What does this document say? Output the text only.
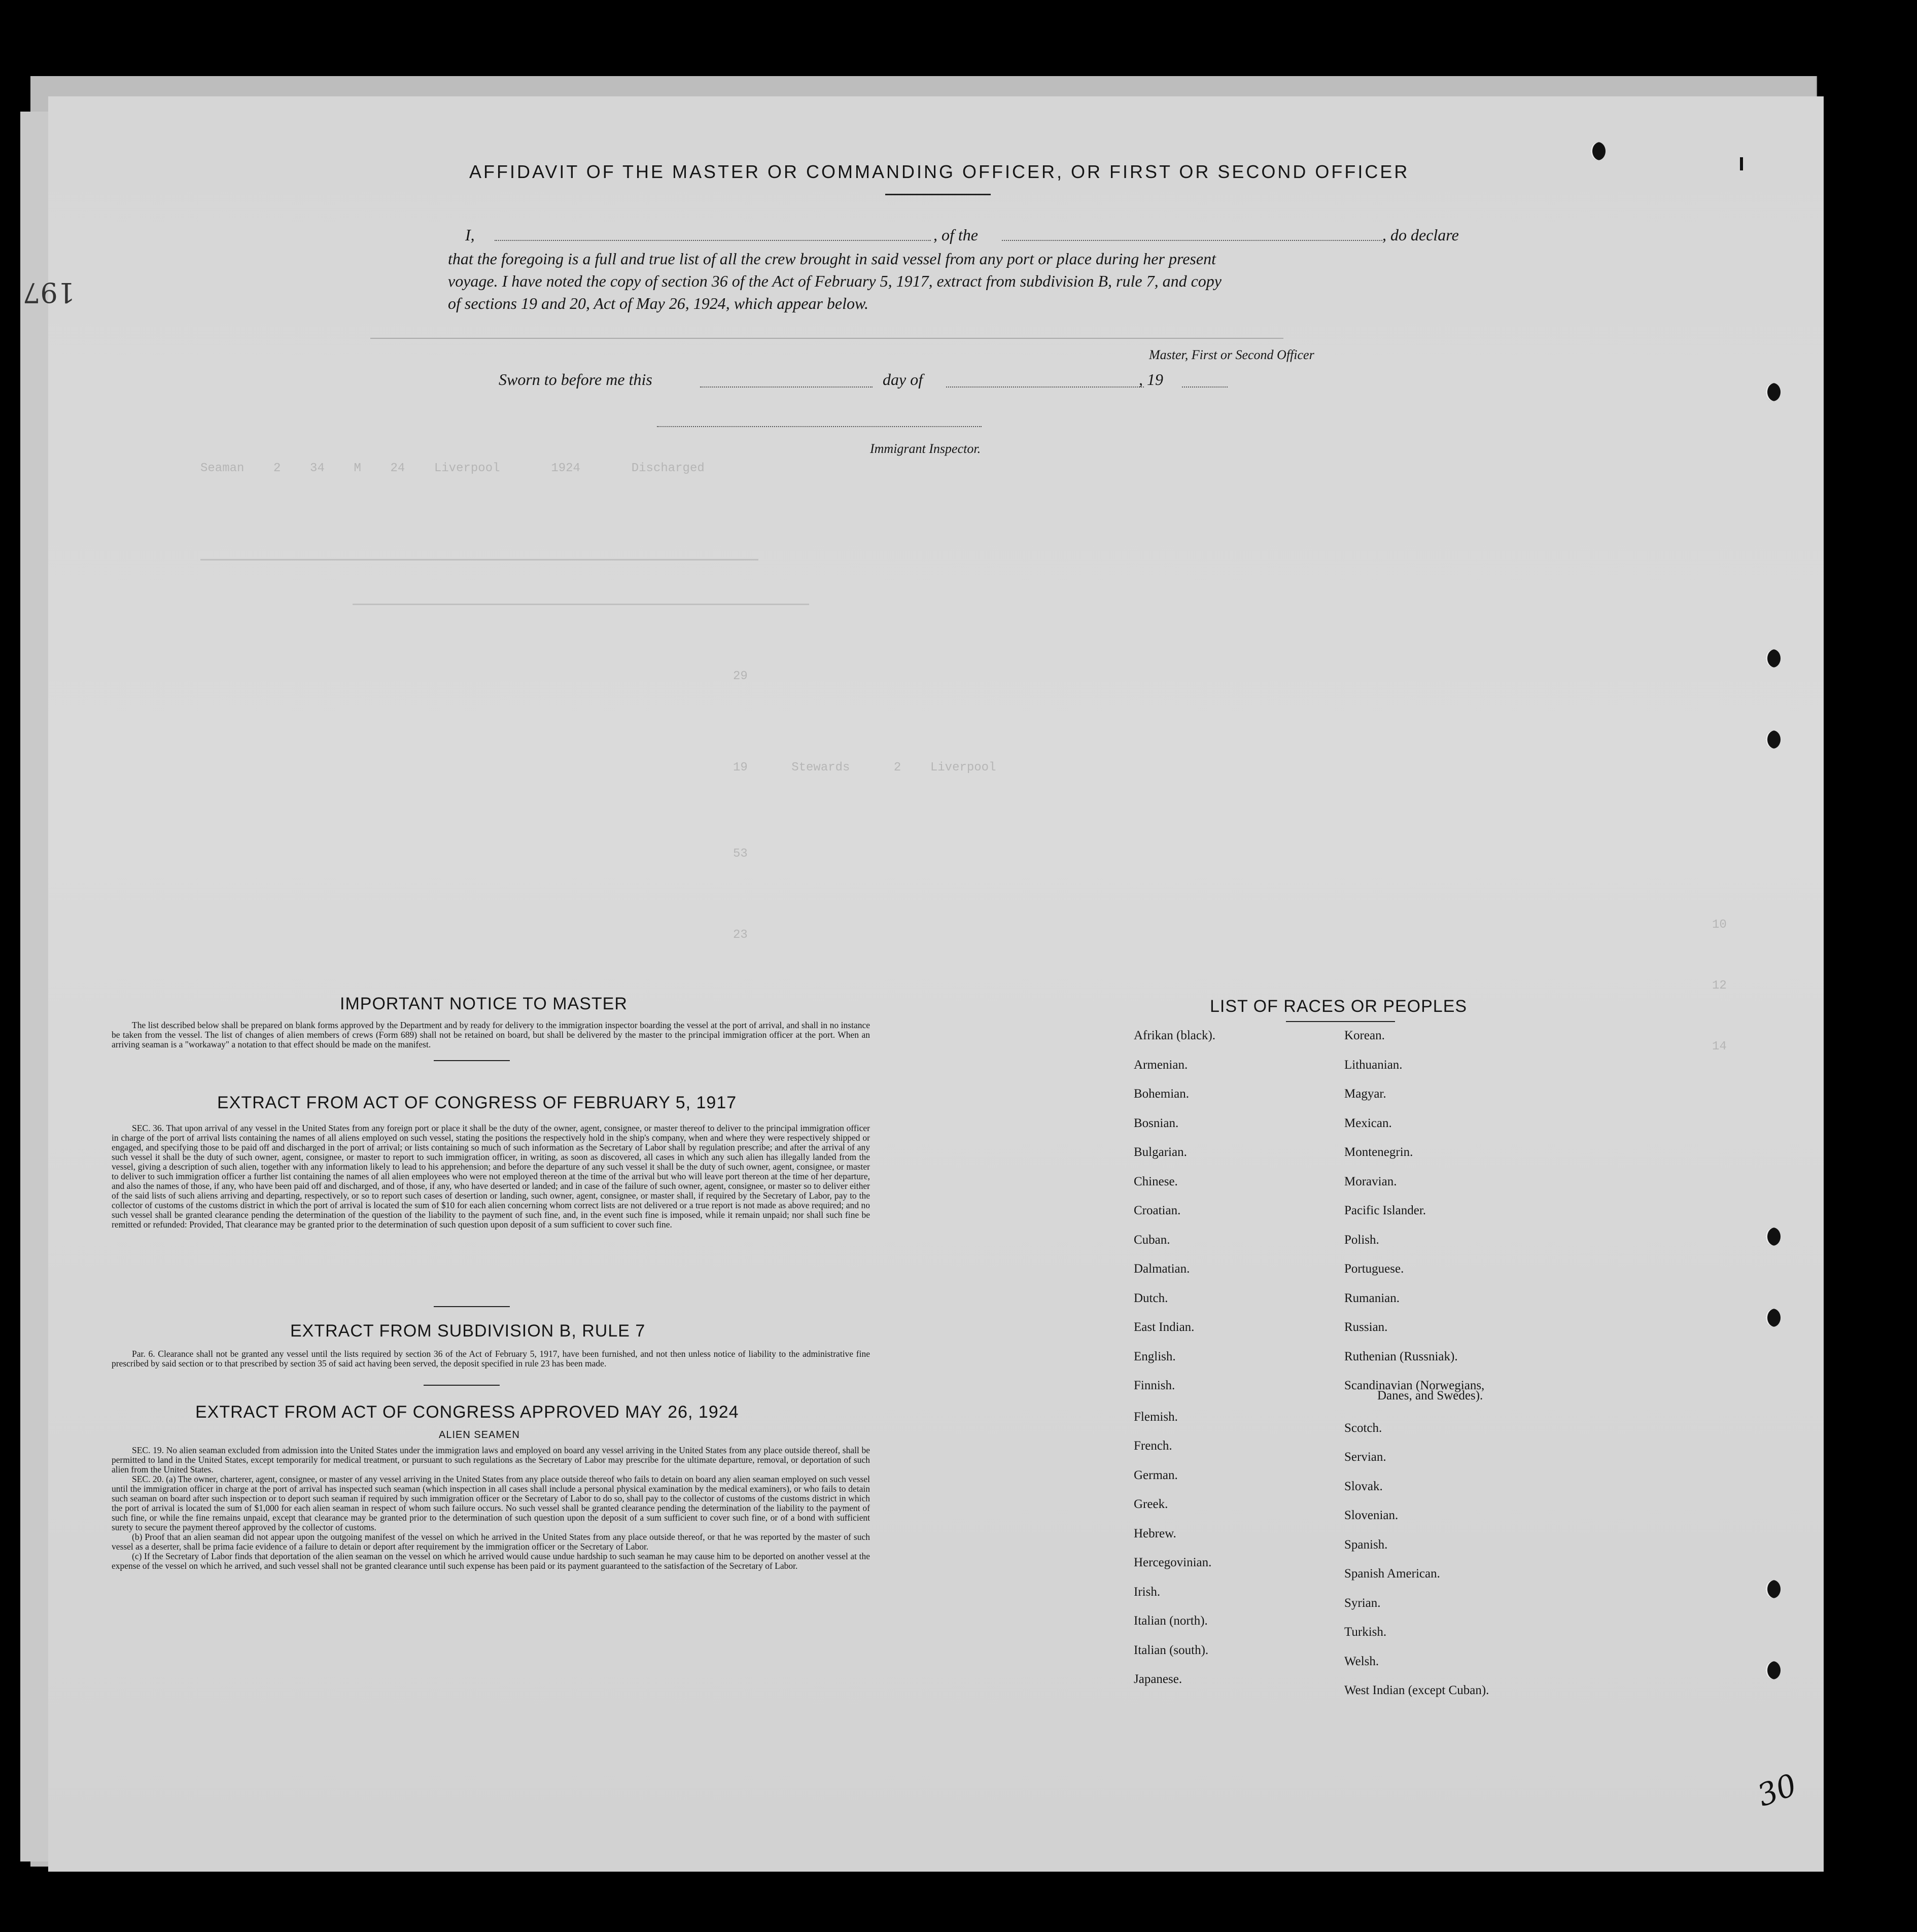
Seaman    2    34    M    24    Liverpool       1924       Discharged
29
19      Stewards      2    Liverpool
53
23
10
12
14
AFFIDAVIT OF THE MASTER OR COMMANDING OFFICER, OR FIRST OR SECOND OFFICER
I,	, of the	, do declare
that the foregoing is a full and true list of all the crew brought in said vessel from any port or place during her present
voyage. I have noted the copy of section 36 of the Act of February 5, 1917, extract from subdivision B, rule 7, and copy
of sections 19 and 20, Act of May 26, 1924, which appear below.
Master, First or Second Officer
Sworn to before me this	day of	, 19
Immigrant Inspector.
IMPORTANT NOTICE TO MASTER
The list described below shall be prepared on blank forms approved by the Department and by ready for delivery to the immigration inspector boarding the vessel at the port of arrival, and shall in no instance be taken from the vessel. The list of changes of alien members of crews (Form 689) shall not be retained on board, but shall be delivered by the master to the principal immigration officer at the port. When an arriving seaman is a "workaway" a notation to that effect should be made on the manifest.
EXTRACT FROM ACT OF CONGRESS OF FEBRUARY 5, 1917
SEC. 36. That upon arrival of any vessel in the United States from any foreign port or place it shall be the duty of the owner, agent, consignee, or master thereof to deliver to the principal immigration officer in charge of the port of arrival lists containing the names of all aliens employed on such vessel, stating the positions the respectively hold in the ship's company, when and where they were respectively shipped or engaged, and specifying those to be paid off and discharged in the port of arrival; or lists containing so much of such information as the Secretary of Labor shall by regulation prescribe; and after the arrival of any such vessel it shall be the duty of such owner, agent, consignee, or master to report to such immigration officer, in writing, as soon as discovered, all cases in which any such alien has illegally landed from the vessel, giving a description of such alien, together with any information likely to lead to his apprehension; and before the departure of any such vessel it shall be the duty of such owner, agent, consignee, or master to deliver to such immigration officer a further list containing the names of all alien employees who were not employed thereon at the time of the arrival but who will leave port thereon at the time of her departure, and also the names of those, if any, who have been paid off and discharged, and of those, if any, who have deserted or landed; and in case of the failure of such owner, agent, consignee, or master so to deliver either of the said lists of such aliens arriving and departing, respectively, or so to report such cases of desertion or landing, such owner, agent, consignee, or master shall, if required by the Secretary of Labor, pay to the collector of customs of the customs district in which the port of arrival is located the sum of $10 for each alien concerning whom correct lists are not delivered or a true report is not made as above required; and no such vessel shall be granted clearance pending the determination of the question of the liability to the payment of such fine, and, in the event such fine is imposed, while it remain unpaid; nor shall such fine be remitted or refunded: Provided, That clearance may be granted prior to the determination of such question upon deposit of a sum sufficient to cover such fine.
EXTRACT FROM SUBDIVISION B, RULE 7
Par. 6. Clearance shall not be granted any vessel until the lists required by section 36 of the Act of February 5, 1917, have been furnished, and not then unless notice of liability to the administrative fine prescribed by said section or to that prescribed by section 35 of said act having been served, the deposit specified in rule 23 has been made.
EXTRACT FROM ACT OF CONGRESS APPROVED MAY 26, 1924
ALIEN SEAMEN

SEC. 19. No alien seaman excluded from admission into the United States under the immigration laws and employed on board any vessel arriving in the United States from any place outside thereof, shall be permitted to land in the United States, except temporarily for medical treatment, or pursuant to such regulations as the Secretary of Labor may prescribe for the ultimate departure, removal, or deportation of such alien from the United States.

SEC. 20. (a) The owner, charterer, agent, consignee, or master of any vessel arriving in the United States from any place outside thereof who fails to detain on board any alien seaman employed on such vessel until the immigration officer in charge at the port of arrival has inspected such seaman (which inspection in all cases shall include a personal physical examination by the medical examiners), or who fails to detain such seaman on board after such inspection or to deport such seaman if required by such immigration officer or the Secretary of Labor to do so, shall pay to the collector of customs of the customs district in which the port of arrival is located the sum of $1,000 for each alien seaman in respect of whom such failure occurs. No such vessel shall be granted clearance pending the determination of the liability to the payment of such fine, or while the fine remains unpaid, except that clearance may be granted prior to the determination of such question upon the deposit of a sum sufficient to cover such fine, or of a bond with sufficient surety to secure the payment thereof approved by the collector of customs.

(b) Proof that an alien seaman did not appear upon the outgoing manifest of the vessel on which he arrived in the United States from any place outside thereof, or that he was reported by the master of such vessel as a deserter, shall be prima facie evidence of a failure to detain or deport after requirement by the immigration officer or the Secretary of Labor.

(c) If the Secretary of Labor finds that deportation of the alien seaman on the vessel on which he arrived would cause undue hardship to such seaman he may cause him to be deported on another vessel at the expense of the vessel on which he arrived, and such vessel shall not be granted clearance until such expense has been paid or its payment guaranteed to the satisfaction of the Secretary of Labor.

LIST OF RACES OR PEOPLES
Danes, and Swedes).
197
30
Afrikan (black).
Armenian.
Bohemian.
Bosnian.
Bulgarian.
Chinese.
Croatian.
Cuban.
Dalmatian.
Dutch.
East Indian.
English.
Finnish.
Flemish.
French.
German.
Greek.
Hebrew.
Hercegovinian.
Irish.
Italian (north).
Italian (south).
Japanese.
Korean.
Lithuanian.
Magyar.
Mexican.
Montenegrin.
Moravian.
Pacific Islander.
Polish.
Portuguese.
Rumanian.
Russian.
Ruthenian (Russniak).
Scandinavian (Norwegians,
Scotch.
Servian.
Slovak.
Slovenian.
Spanish.
Spanish American.
Syrian.
Turkish.
Welsh.
West Indian (except Cuban).
